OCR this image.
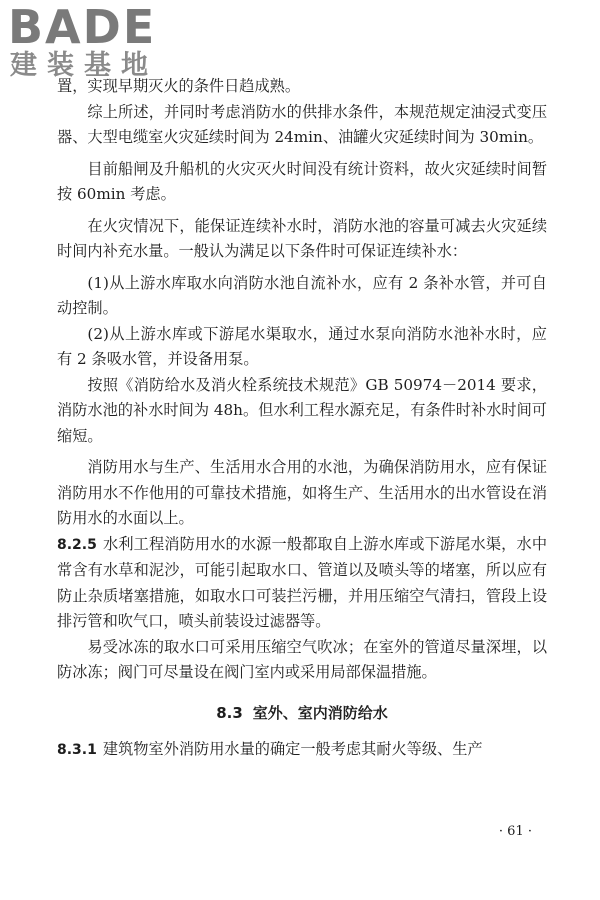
BADE
建装基地

置，实现早期灭火的条件日趋成熟。

综上所述，并同时考虑消防水的供排水条件，本规范规定油浸式变压器、大型电缆室火灾延续时间为 24min、油罐火灾延续时间为 30min。

目前船闸及升船机的火灾灭火时间没有统计资料，故火灾延续时间暂按 60min 考虑。

在火灾情况下，能保证连续补水时，消防水池的容量可减去火灾延续时间内补充水量。一般认为满足以下条件时可保证连续补水：

(1)从上游水库取水向消防水池自流补水，应有 2 条补水管，并可自动控制。

(2)从上游水库或下游尾水渠取水，通过水泵向消防水池补水时，应有 2 条吸水管，并设备用泵。

按照《消防给水及消火栓系统技术规范》GB 50974－2014 要求，消防水池的补水时间为 48h。但水利工程水源充足，有条件时补水时间可缩短。

消防用水与生产、生活用水合用的水池，为确保消防用水，应有保证消防用水不作他用的可靠技术措施，如将生产、生活用水的出水管设在消防用水的水面以上。

8.2.5 水利工程消防用水的水源一般都取自上游水库或下游尾水渠，水中常含有水草和泥沙，可能引起取水口、管道以及喷头等的堵塞，所以应有防止杂质堵塞措施，如取水口可装拦污栅，并用压缩空气清扫，管段上设排污管和吹气口，喷头前装设过滤器等。

易受冰冻的取水口可采用压缩空气吹冰；在室外的管道尽量深埋，以防冰冻；阀门可尽量设在阀门室内或采用局部保温措施。

8.3 室外、室内消防给水

8.3.1 建筑物室外消防用水量的确定一般考虑其耐火等级、生产

· 61 ·
